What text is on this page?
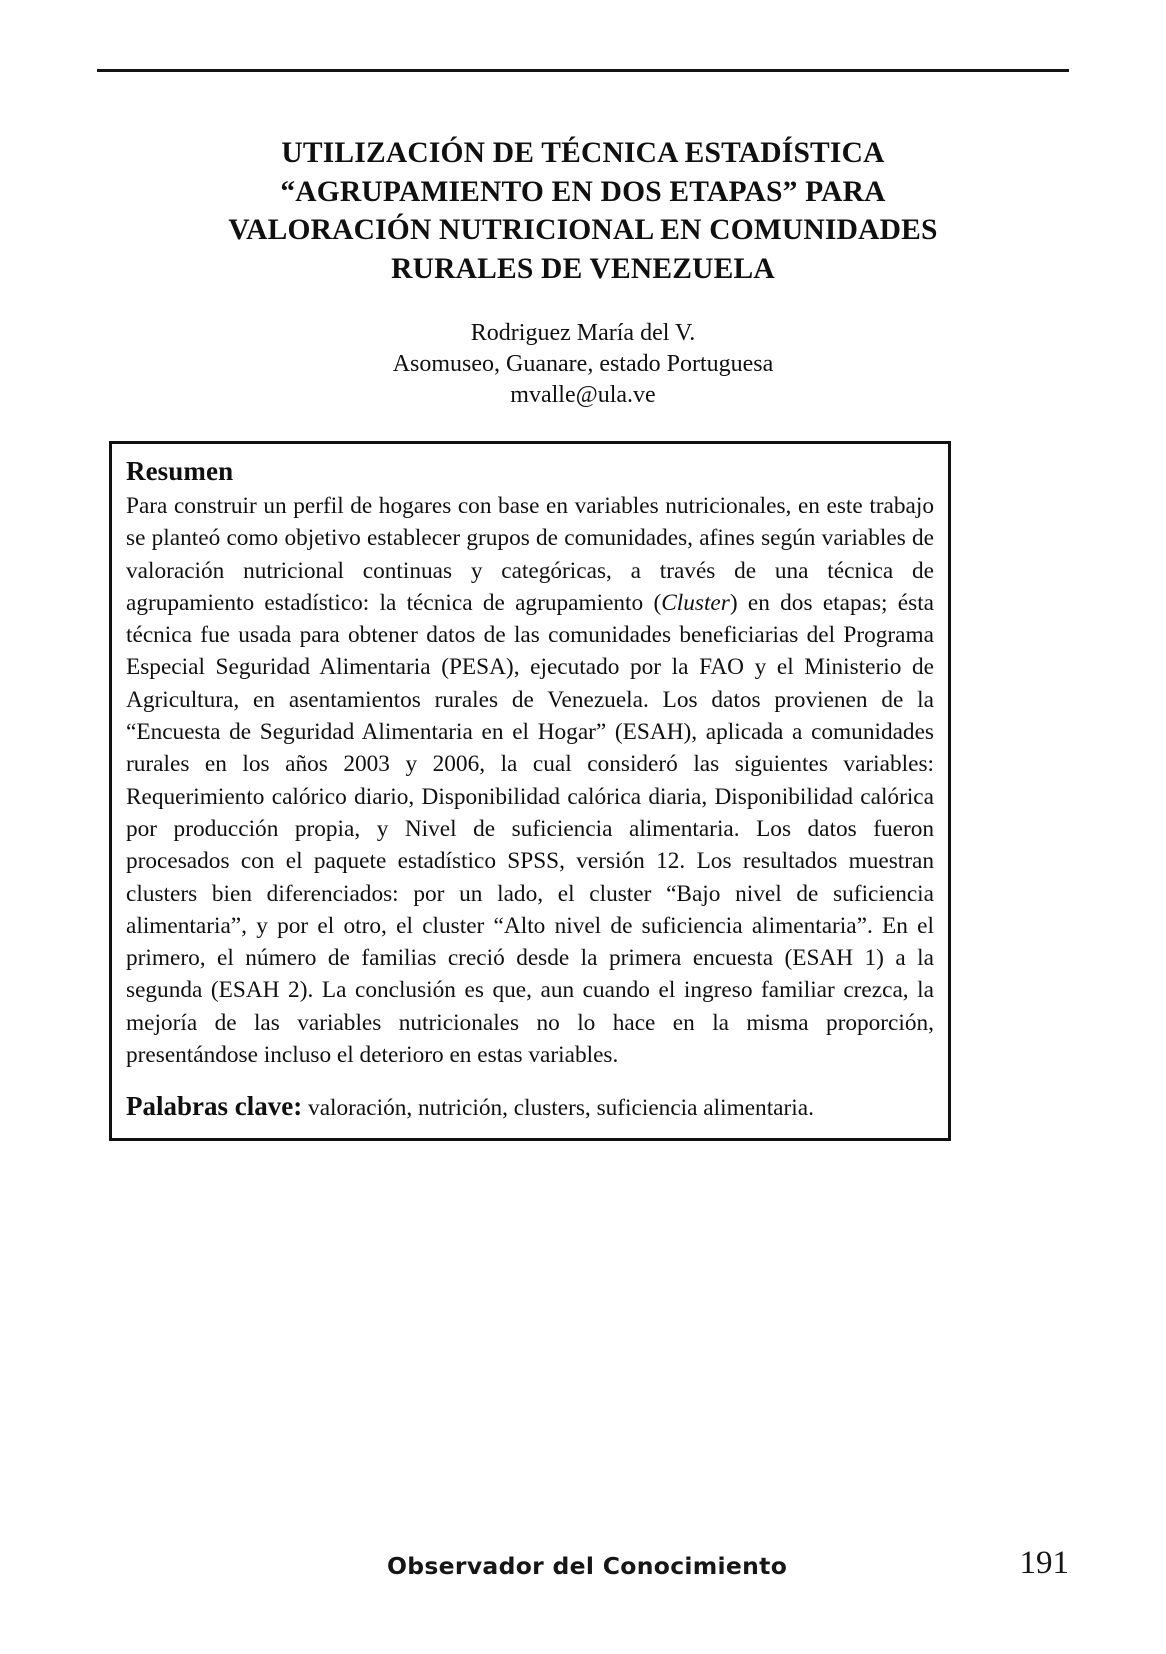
UTILIZACIÓN DE TÉCNICA ESTADÍSTICA
“AGRUPAMIENTO EN DOS ETAPAS” PARA
VALORACIÓN NUTRICIONAL EN COMUNIDADES
RURALES DE VENEZUELA
Rodriguez María del V.
Asomuseo, Guanare, estado Portuguesa
mvalle@ula.ve
Resumen

Para construir un perfil de hogares con base en variables nutricionales, en este trabajo se planteó como objetivo establecer grupos de comunidades, afines según variables de valoración nutricional continuas y categóricas, a través de una técnica de agrupamiento estadístico: la técnica de agrupamiento (Cluster) en dos etapas; ésta técnica fue usada para obtener datos de las comunidades beneficiarias del Programa Especial Seguridad Alimentaria (PESA), ejecutado por la FAO y el Ministerio de Agricultura, en asentamientos rurales de Venezuela. Los datos provienen de la “Encuesta de Seguridad Alimentaria en el Hogar” (ESAH), aplicada a comunidades rurales en los años 2003 y 2006, la cual consideró las siguientes variables: Requerimiento calórico diario, Disponibilidad calórica diaria, Disponibilidad calórica por producción propia, y Nivel de suficiencia alimentaria. Los datos fueron procesados con el paquete estadístico SPSS, versión 12. Los resultados muestran clusters bien diferenciados: por un lado, el cluster “Bajo nivel de suficiencia alimentaria”, y por el otro, el cluster “Alto nivel de suficiencia alimentaria”. En el primero, el número de familias creció desde la primera encuesta (ESAH 1) a la segunda (ESAH 2). La conclusión es que, aun cuando el ingreso familiar crezca, la mejoría de las variables nutricionales no lo hace en la misma proporción, presentándose incluso el deterioro en estas variables.

Palabras clave: valoración, nutrición, clusters, suficiencia alimentaria.

Observador del Conocimiento	191
